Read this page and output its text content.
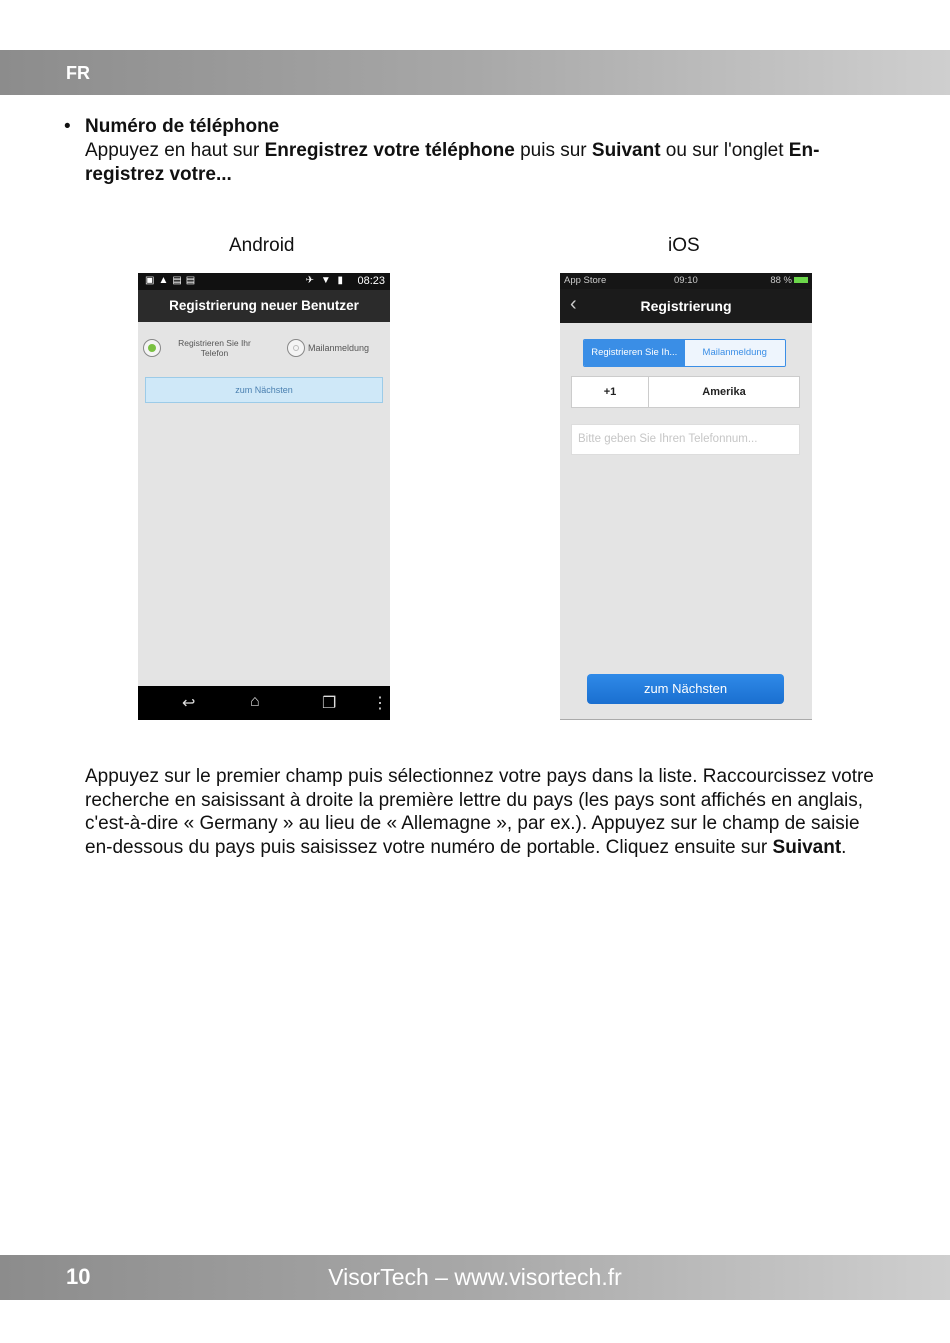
FR
• Numéro de téléphone
Appuyez en haut sur Enregistrez votre téléphone puis sur Suivant ou sur l'onglet En-registrez votre...
Android	iOS
▣▲▤▤	✈ ▼ ▮ 08:23
Registrierung neuer Benutzer
Registrieren Sie Ihr Telefon	Mailanmeldung
zum Nächsten
↩	⌂	❐ ⋮
App Store	09:10	88 %
‹	Registrierung
Registrieren Sie Ih...	Mailanmeldung
+1	Amerika
Bitte geben Sie Ihren Telefonnum...
zum Nächsten
Appuyez sur le premier champ puis sélectionnez votre pays dans la liste. Raccourcissez votre recherche en saisissant à droite la première lettre du pays (les pays sont affichés en anglais, c'est-à-dire « Germany » au lieu de « Allemagne », par ex.). Appuyez sur le champ de saisie en-dessous du pays puis saisissez votre numéro de portable. Cliquez ensuite sur Suivant.
10	VisorTech – www.visortech.fr
